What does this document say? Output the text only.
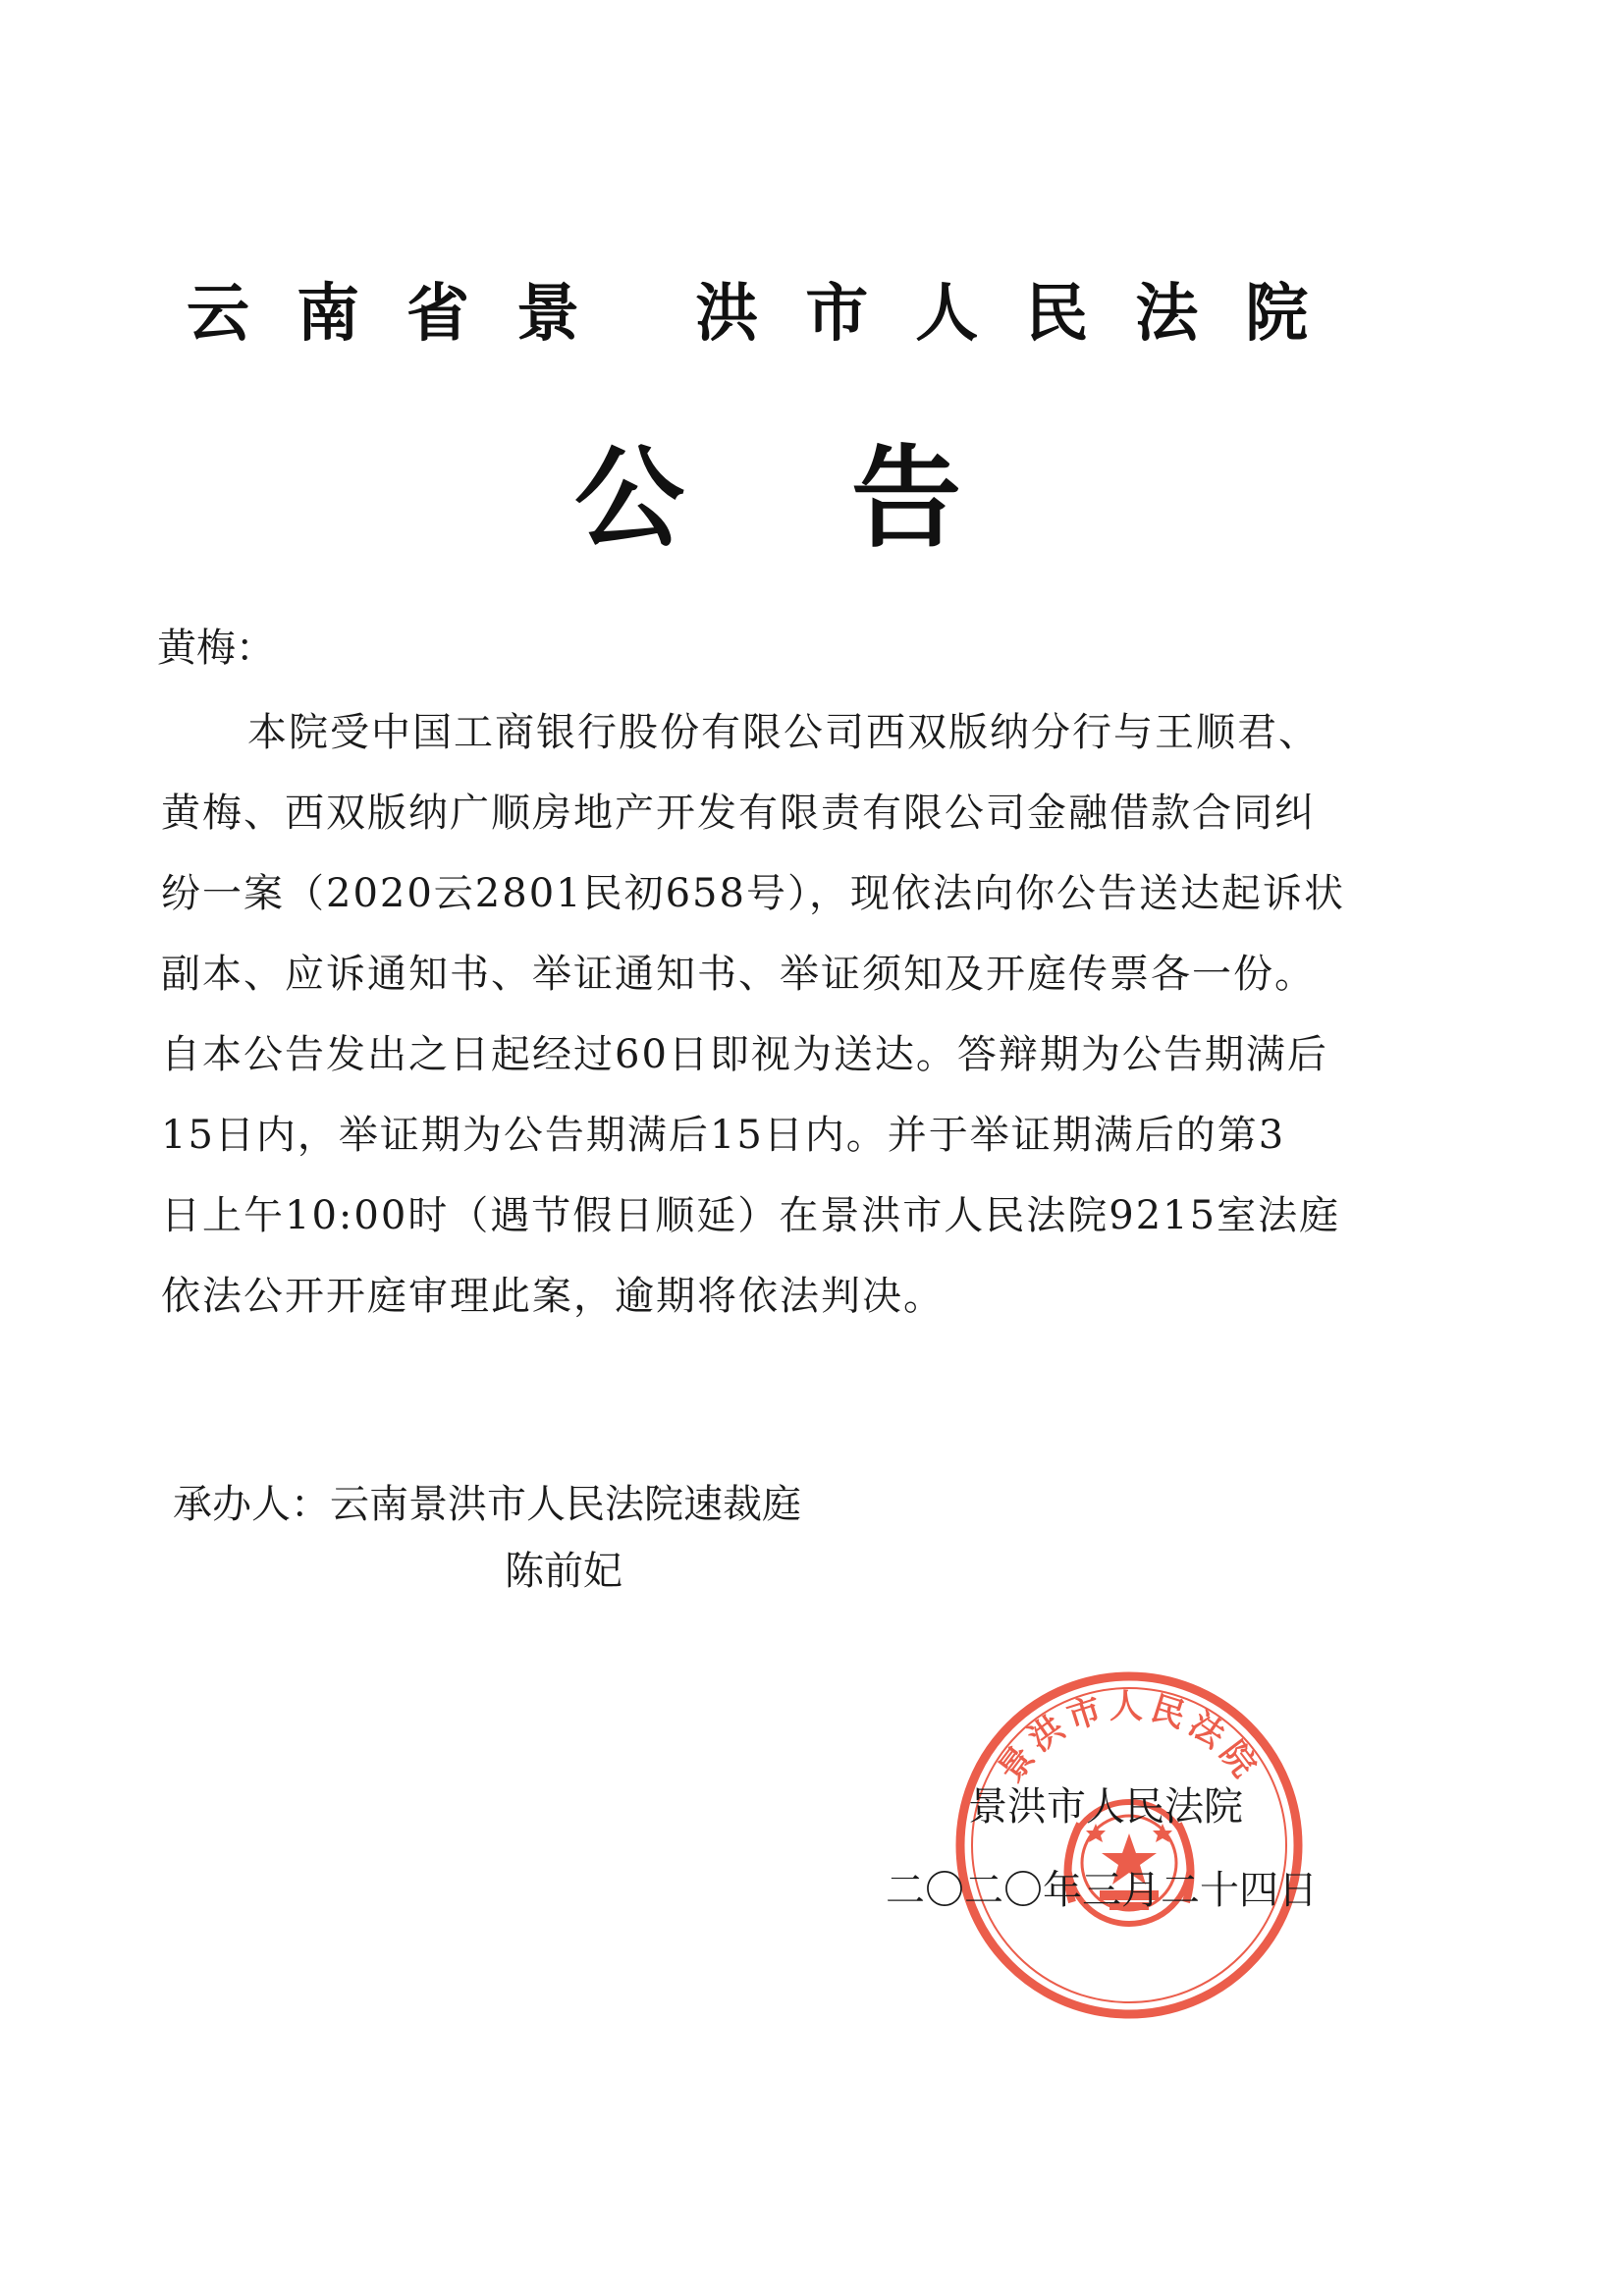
云南省景 洪市人民法院
公告
黄梅：
本院受中国工商银行股份有限公司西双版纳分行与王顺君、
黄梅、西双版纳广顺房地产开发有限责有限公司金融借款合同纠
纷一案（2020云2801民初658号），现依法向你公告送达起诉状
副本、应诉通知书、举证通知书、举证须知及开庭传票各一份。
自本公告发出之日起经过60日即视为送达。答辩期为公告期满后
15日内，举证期为公告期满后15日内。并于举证期满后的第3
日上午10:00时（遇节假日顺延）在景洪市人民法院9215室法庭
依法公开开庭审理此案，逾期将依法判决。
承办人：云南景洪市人民法院速裁庭
陈前妃
景洪市人民法院
景洪市人民法院
二〇二〇年三月二十四日
